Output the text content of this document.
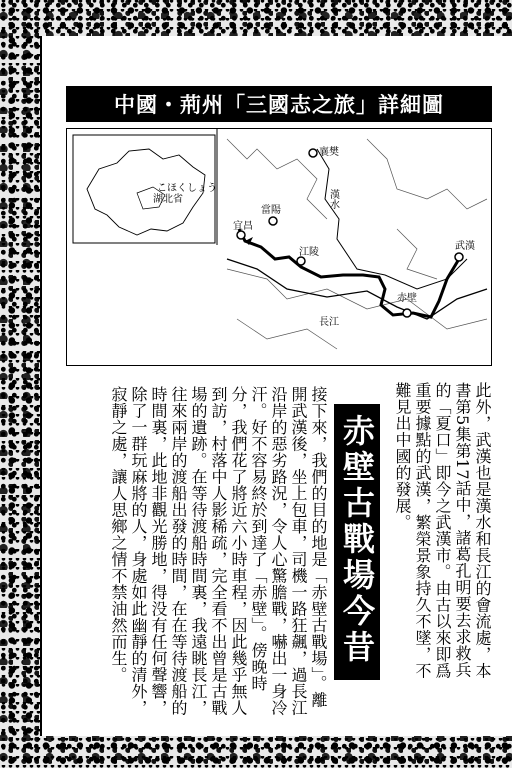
中國・荊州「三國志之旅」詳細圖
こほくしょう
湖北省
襄樊
當陽
宜昌
江陵
赤壁
武漢
漢水
長江
此外，武漢也是漢水和長江的會流處，本書第5集第17話中，諸葛孔明要去求救兵的「夏口」即今之武漢市。由古以來即爲重要據點的武漢，繁榮景象持久不墜，不難見出中國的發展。
赤壁古戰場今昔
接下來，我們的目的地是「赤壁古戰場」。離開武漢後，坐上包車，司機一路狂飆，過長江沿岸的惡劣路況，令人心驚膽戰，嚇出一身冷汗。好不容易終於到達了「赤壁」。傍晚時分，我們花了將近六小時車程，因此幾乎無人到訪，村落中人影稀疏，完全看不出曾是古戰場的遺跡。在等待渡船時間裏，我遠眺長江，往來兩岸的渡船出發的時間，在在等待渡船的時間裏，此地非觀光勝地，得没有任何聲響，除了一群玩麻將的人，身處如此幽靜的清外，寂靜之處，讓人思鄉之情不禁油然而生。
